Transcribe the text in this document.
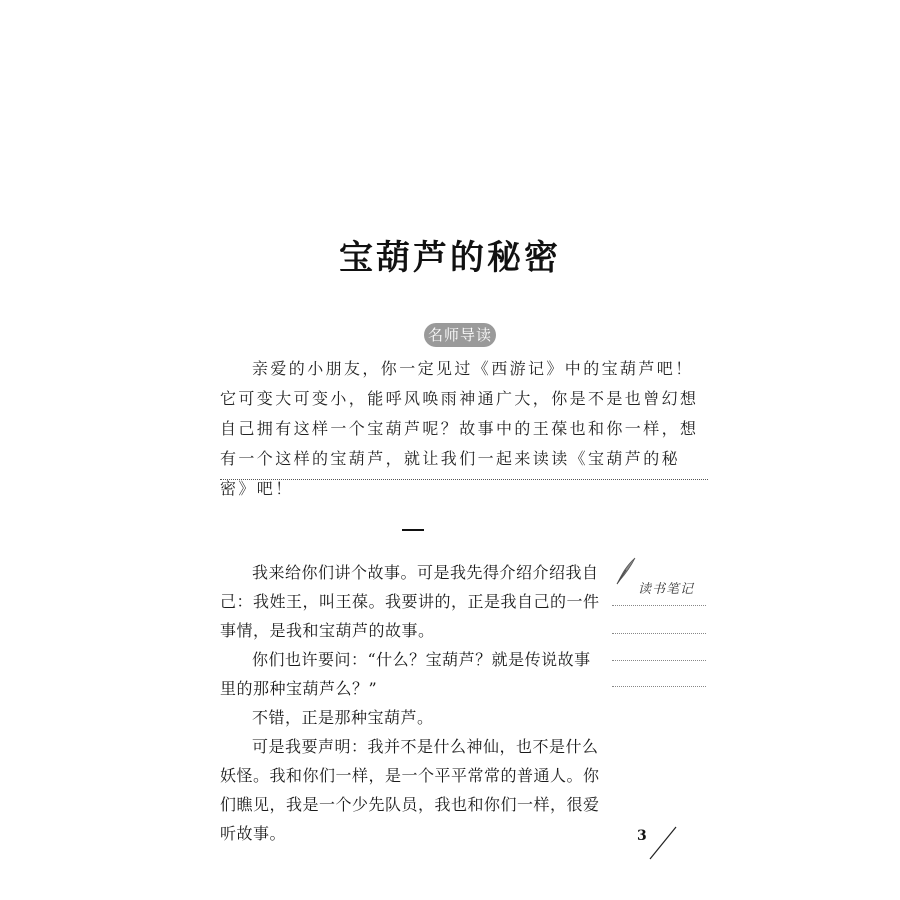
宝葫芦的秘密
名师导读

亲爱的小朋友，你一定见过《西游记》中的宝葫芦吧！它可变大可变小，能呼风唤雨神通广大，你是不是也曾幻想自己拥有这样一个宝葫芦呢？故事中的王葆也和你一样，想有一个这样的宝葫芦，就让我们一起来读读《宝葫芦的秘密》吧！

我来给你们讲个故事。可是我先得介绍介绍我自己：我姓王，叫王葆。我要讲的，正是我自己的一件事情，是我和宝葫芦的故事。

你们也许要问：“什么？宝葫芦？就是传说故事里的那种宝葫芦么？”

不错，正是那种宝葫芦。

可是我要声明：我并不是什么神仙，也不是什么妖怪。我和你们一样，是一个平平常常的普通人。你们瞧见，我是一个少先队员，我也和你们一样，很爱听故事。

读书笔记
3
